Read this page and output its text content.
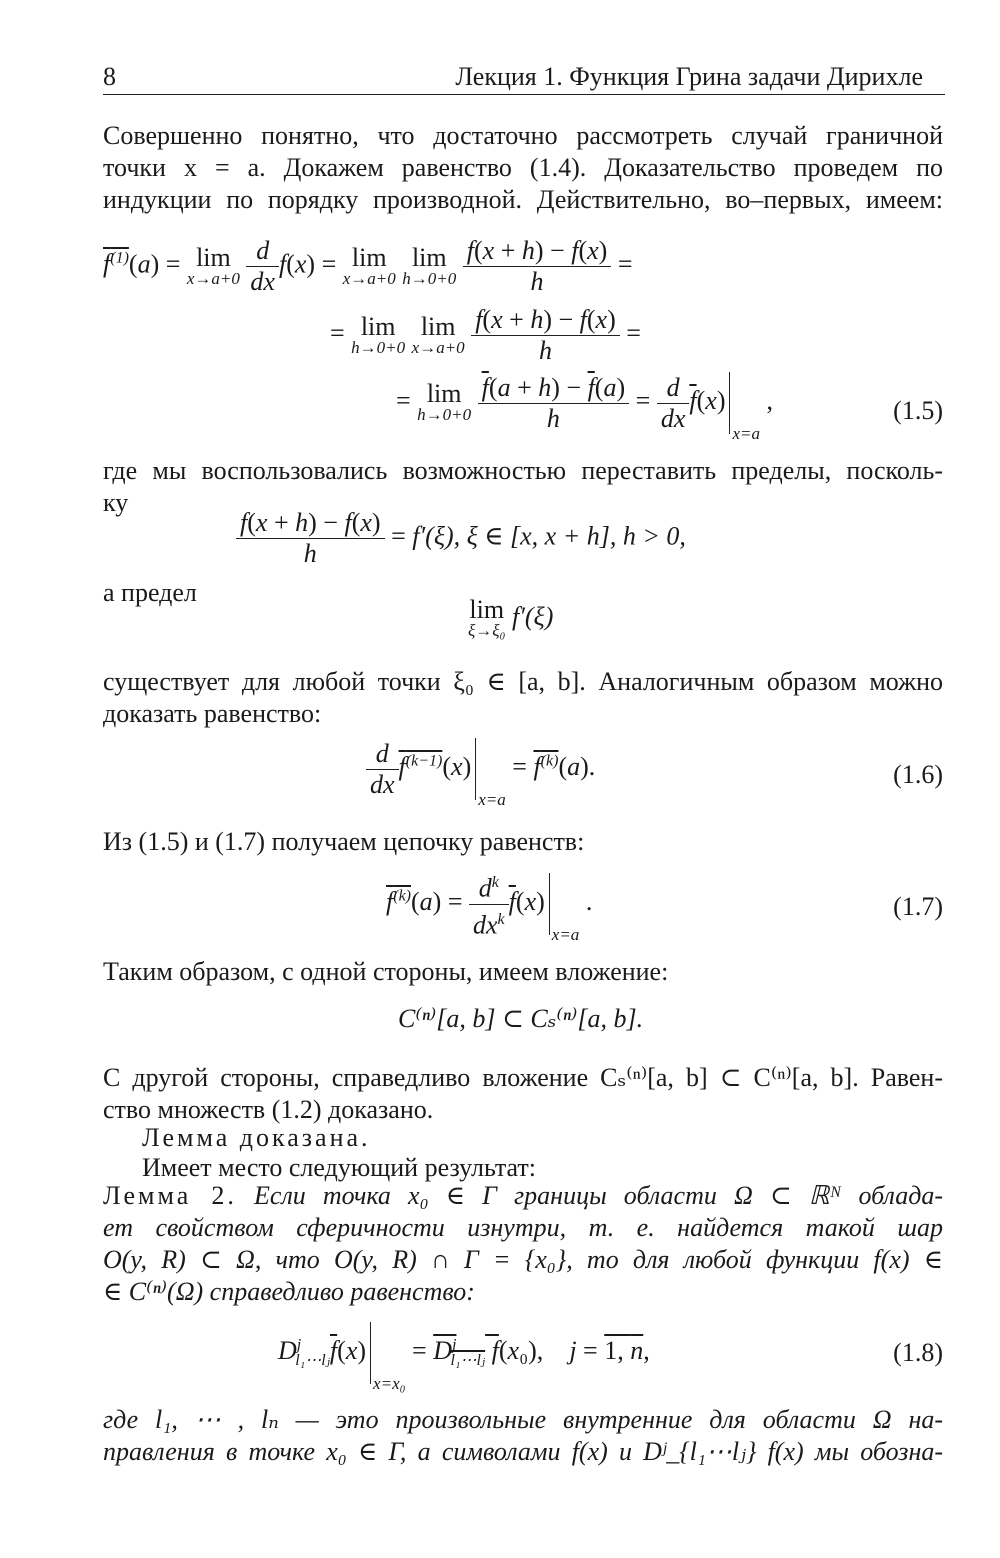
8	Лекция 1. Функция Грина задачи Дирихле
Совершенно понятно, что достаточно рассмотреть случай граничной
точки x = a. Докажем равенство (1.4). Доказательство проведем по
индукции по порядку производной. Действительно, во–первых, имеем:
$f^{(1)}(a) = \lim$
x→a+0
$\frac{d}{dx} f(x) = \lim$
x→a+0

lim
h→0+0
$\frac{f(x + h) - f(x)}{h}$ =
= lim
h→0+0

lim
x→a+0
$\frac{f(x + h) - f(x)}{h}$ =
= lim
h→0+0
$\frac{\overline{f}(a + h) - \overline{f}(a)}{h} = \frac{d}{dx} \overline{f}(x)x=a$ ,	(1.5)
где мы воспользовались возможностью переставить пределы, посколь-
ку
$\frac{f(x + h) - f(x)}{h} = f'(\xi)$, ξ ∈ [x, x + h], h > 0,
а предел
lim
ξ→ξ₀ f′(ξ)
существует для любой точки ξ₀ ∈ [a, b]. Аналогичным образом можно
доказать равенство:
$\frac{d}{dx} f^{(k-1)}(x)x=a = f^{(k)}(a)$.	(1.6)
Из (1.5) и (1.7) получаем цепочку равенств:
$f^{(k)}(a) = \frac{d^k}{dx^k} \overline{f}(x)x=a$ .	(1.7)
Таким образом, с одной стороны, имеем вложение:
C⁽ⁿ⁾[a, b] ⊂ Cₛ⁽ⁿ⁾[a, b].
С другой стороны, справедливо вложение Cₛ⁽ⁿ⁾[a, b] ⊂ C⁽ⁿ⁾[a, b]. Равен-
ство множеств (1.2) доказано.
Лемма доказана.
Имеет место следующий результат:
Лемма 2. Если точка x₀ ∈ Γ границы области Ω ⊂ ℝᴺ облада-
ет свойством сферичности изнутри, т. е. найдется такой шар
O(y, R) ⊂ Ω, что O(y, R) ∩ Γ = {x₀}, то для любой функции f(x) ∈
∈ C⁽ⁿ⁾(Ω) справедливо равенство:
$D^j_{l_1\cdots lⱼ}\overline{f}(x)x=x_0 = D^j_{l_1\cdots lⱼ}$ f(x₀),    j = 1, n,	(1.8)
где l₁, ⋯ , lₙ — это произвольные внутренние для области Ω на-
правления в точке x₀ ∈ Γ, а символами f(x) и Dʲ_{l₁⋯lⱼ} f(x) мы обозна-
